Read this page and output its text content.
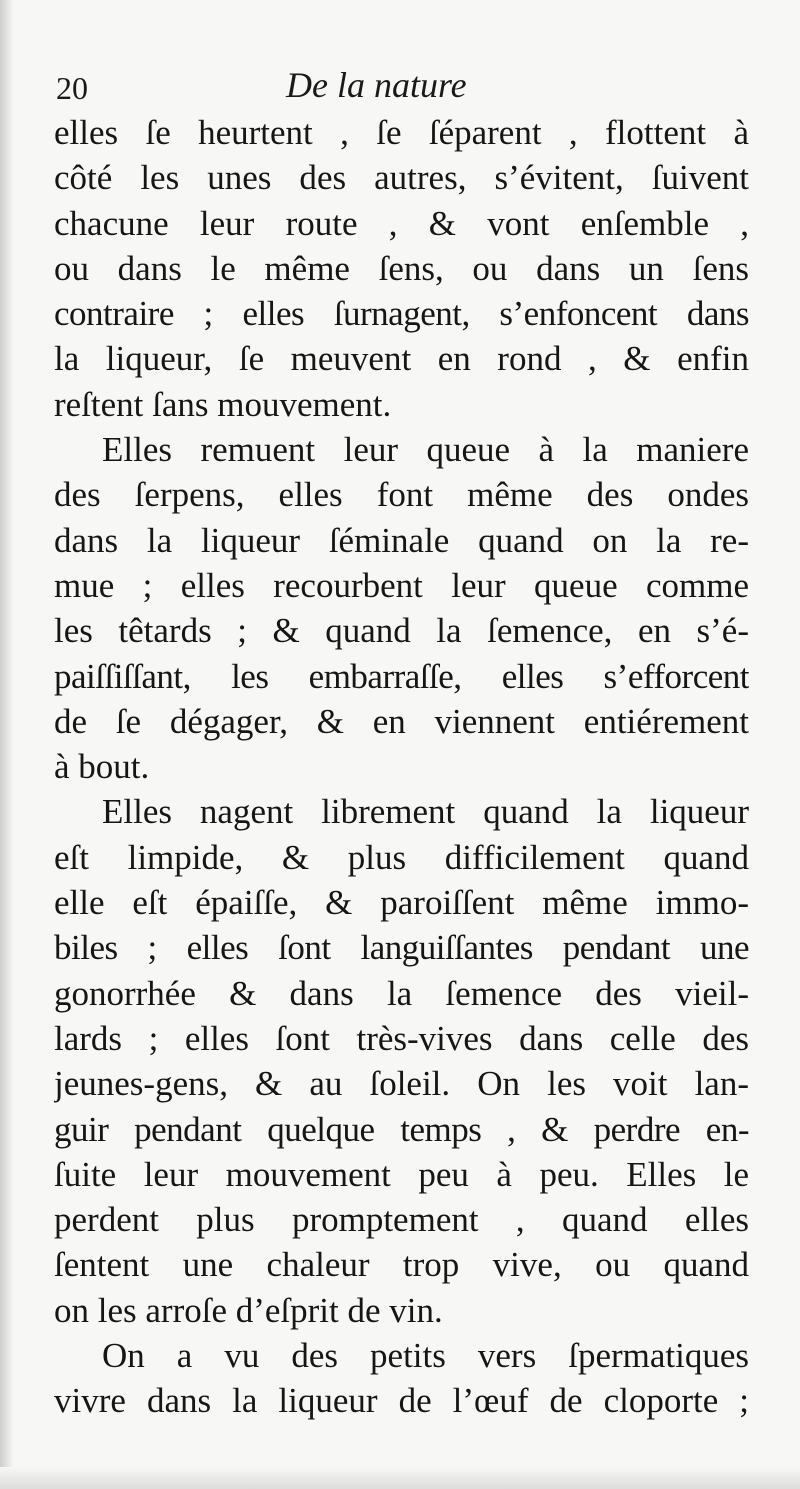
20	De la nature
elles ſe heurtent , ſe ſéparent , flottent à
côté les unes des autres, s’évitent, ſuivent
chacune leur route , & vont enſemble ,
ou dans le même ſens, ou dans un ſens
contraire ; elles ſurnagent, s’enfoncent dans
la liqueur, ſe meuvent en rond , & enfin
reſtent ſans mouvement.
Elles remuent leur queue à la maniere
des ſerpens, elles font même des ondes
dans la liqueur ſéminale quand on la re-
mue ; elles recourbent leur queue comme
les têtards ; & quand la ſemence, en s’é-
paiſſiſſant, les embarraſſe, elles s’efforcent
de ſe dégager, & en viennent entiérement
à bout.
Elles nagent librement quand la liqueur
eſt limpide, & plus difficilement quand
elle eſt épaiſſe, & paroiſſent même immo-
biles ; elles ſont languiſſantes pendant une
gonorrhée & dans la ſemence des vieil-
lards ; elles ſont très-vives dans celle des
jeunes-gens, & au ſoleil. On les voit lan-
guir pendant quelque temps , & perdre en-
ſuite leur mouvement peu à peu. Elles le
perdent plus promptement , quand elles
ſentent une chaleur trop vive, ou quand
on les arroſe d’eſprit de vin.
On a vu des petits vers ſpermatiques
vivre dans la liqueur de l’œuf de cloporte ;
